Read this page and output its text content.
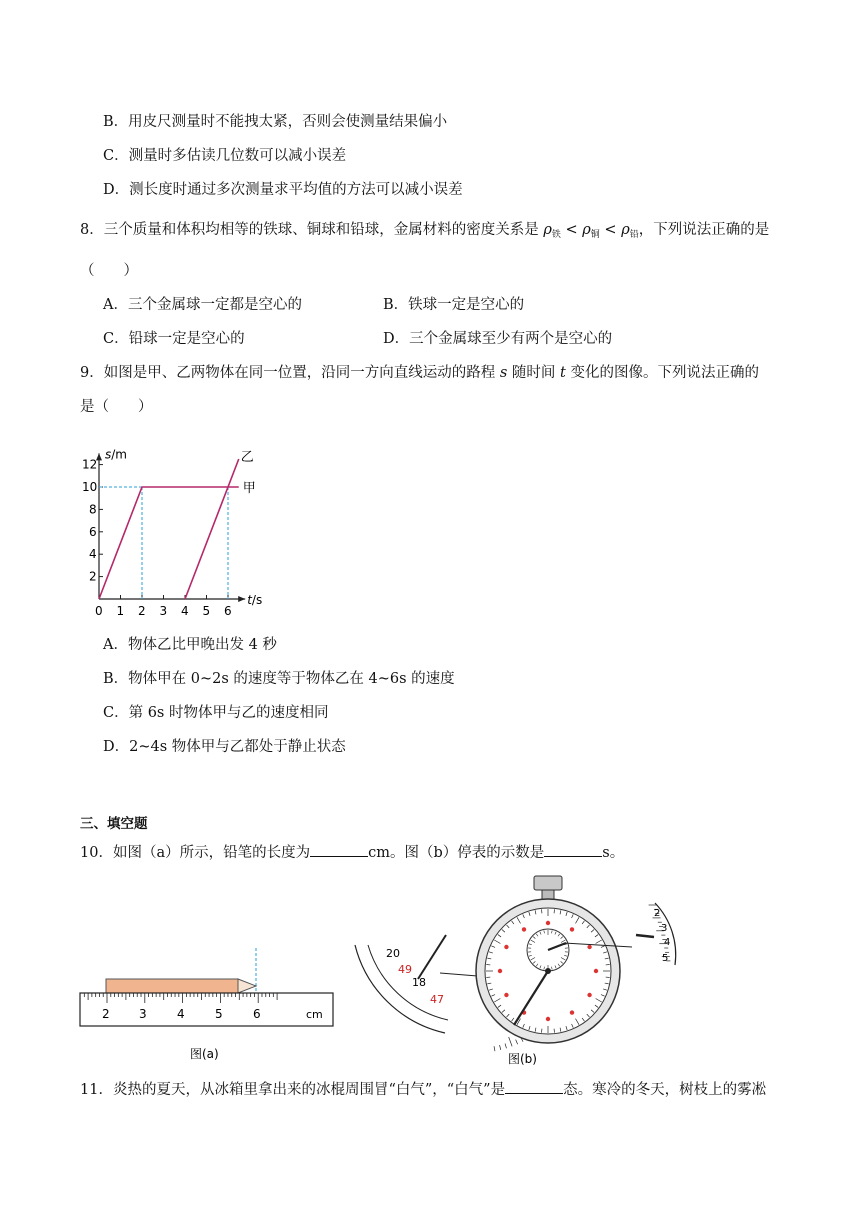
B．用皮尺测量时不能拽太紧，否则会使测量结果偏小
C．测量时多估读几位数可以减小误差
D．测长度时通过多次测量求平均值的方法可以减小误差
8．三个质量和体积均相等的铁球、铜球和铅球，金属材料的密度关系是 $\rho_铁 < \rho_铜 < \rho_铅$，下列说法正确的是
（　　）
A．三个金属球一定都是空心的	B．铁球一定是空心的
C．铅球一定是空心的	D．三个金属球至少有两个是空心的
9．如图是甲、乙两物体在同一位置，沿同一方向直线运动的路程 s 随时间 t 变化的图像。下列说法正确的
是（　　）
s/m
t/s
0 1 2 3 4 5 6
2
4
6
8
10
12
甲
乙
A．物体乙比甲晚出发 4 秒
B．物体甲在 0~2s 的速度等于物体乙在 4~6s 的速度
C．第 6s 时物体甲与乙的速度相同
D．2~4s 物体甲与乙都处于静止状态
三、填空题
10．如图（a）所示，铅笔的长度为	cm。图（b）停表的示数是	s。
2 3	4	5	6	cm
图(a)
20
49
18
47
2
3
4
5
图(b)
11．炎热的夏天，从冰箱里拿出来的冰棍周围冒“白气”，“白气”是	态。寒冷的冬天，树枝上的雾凇
